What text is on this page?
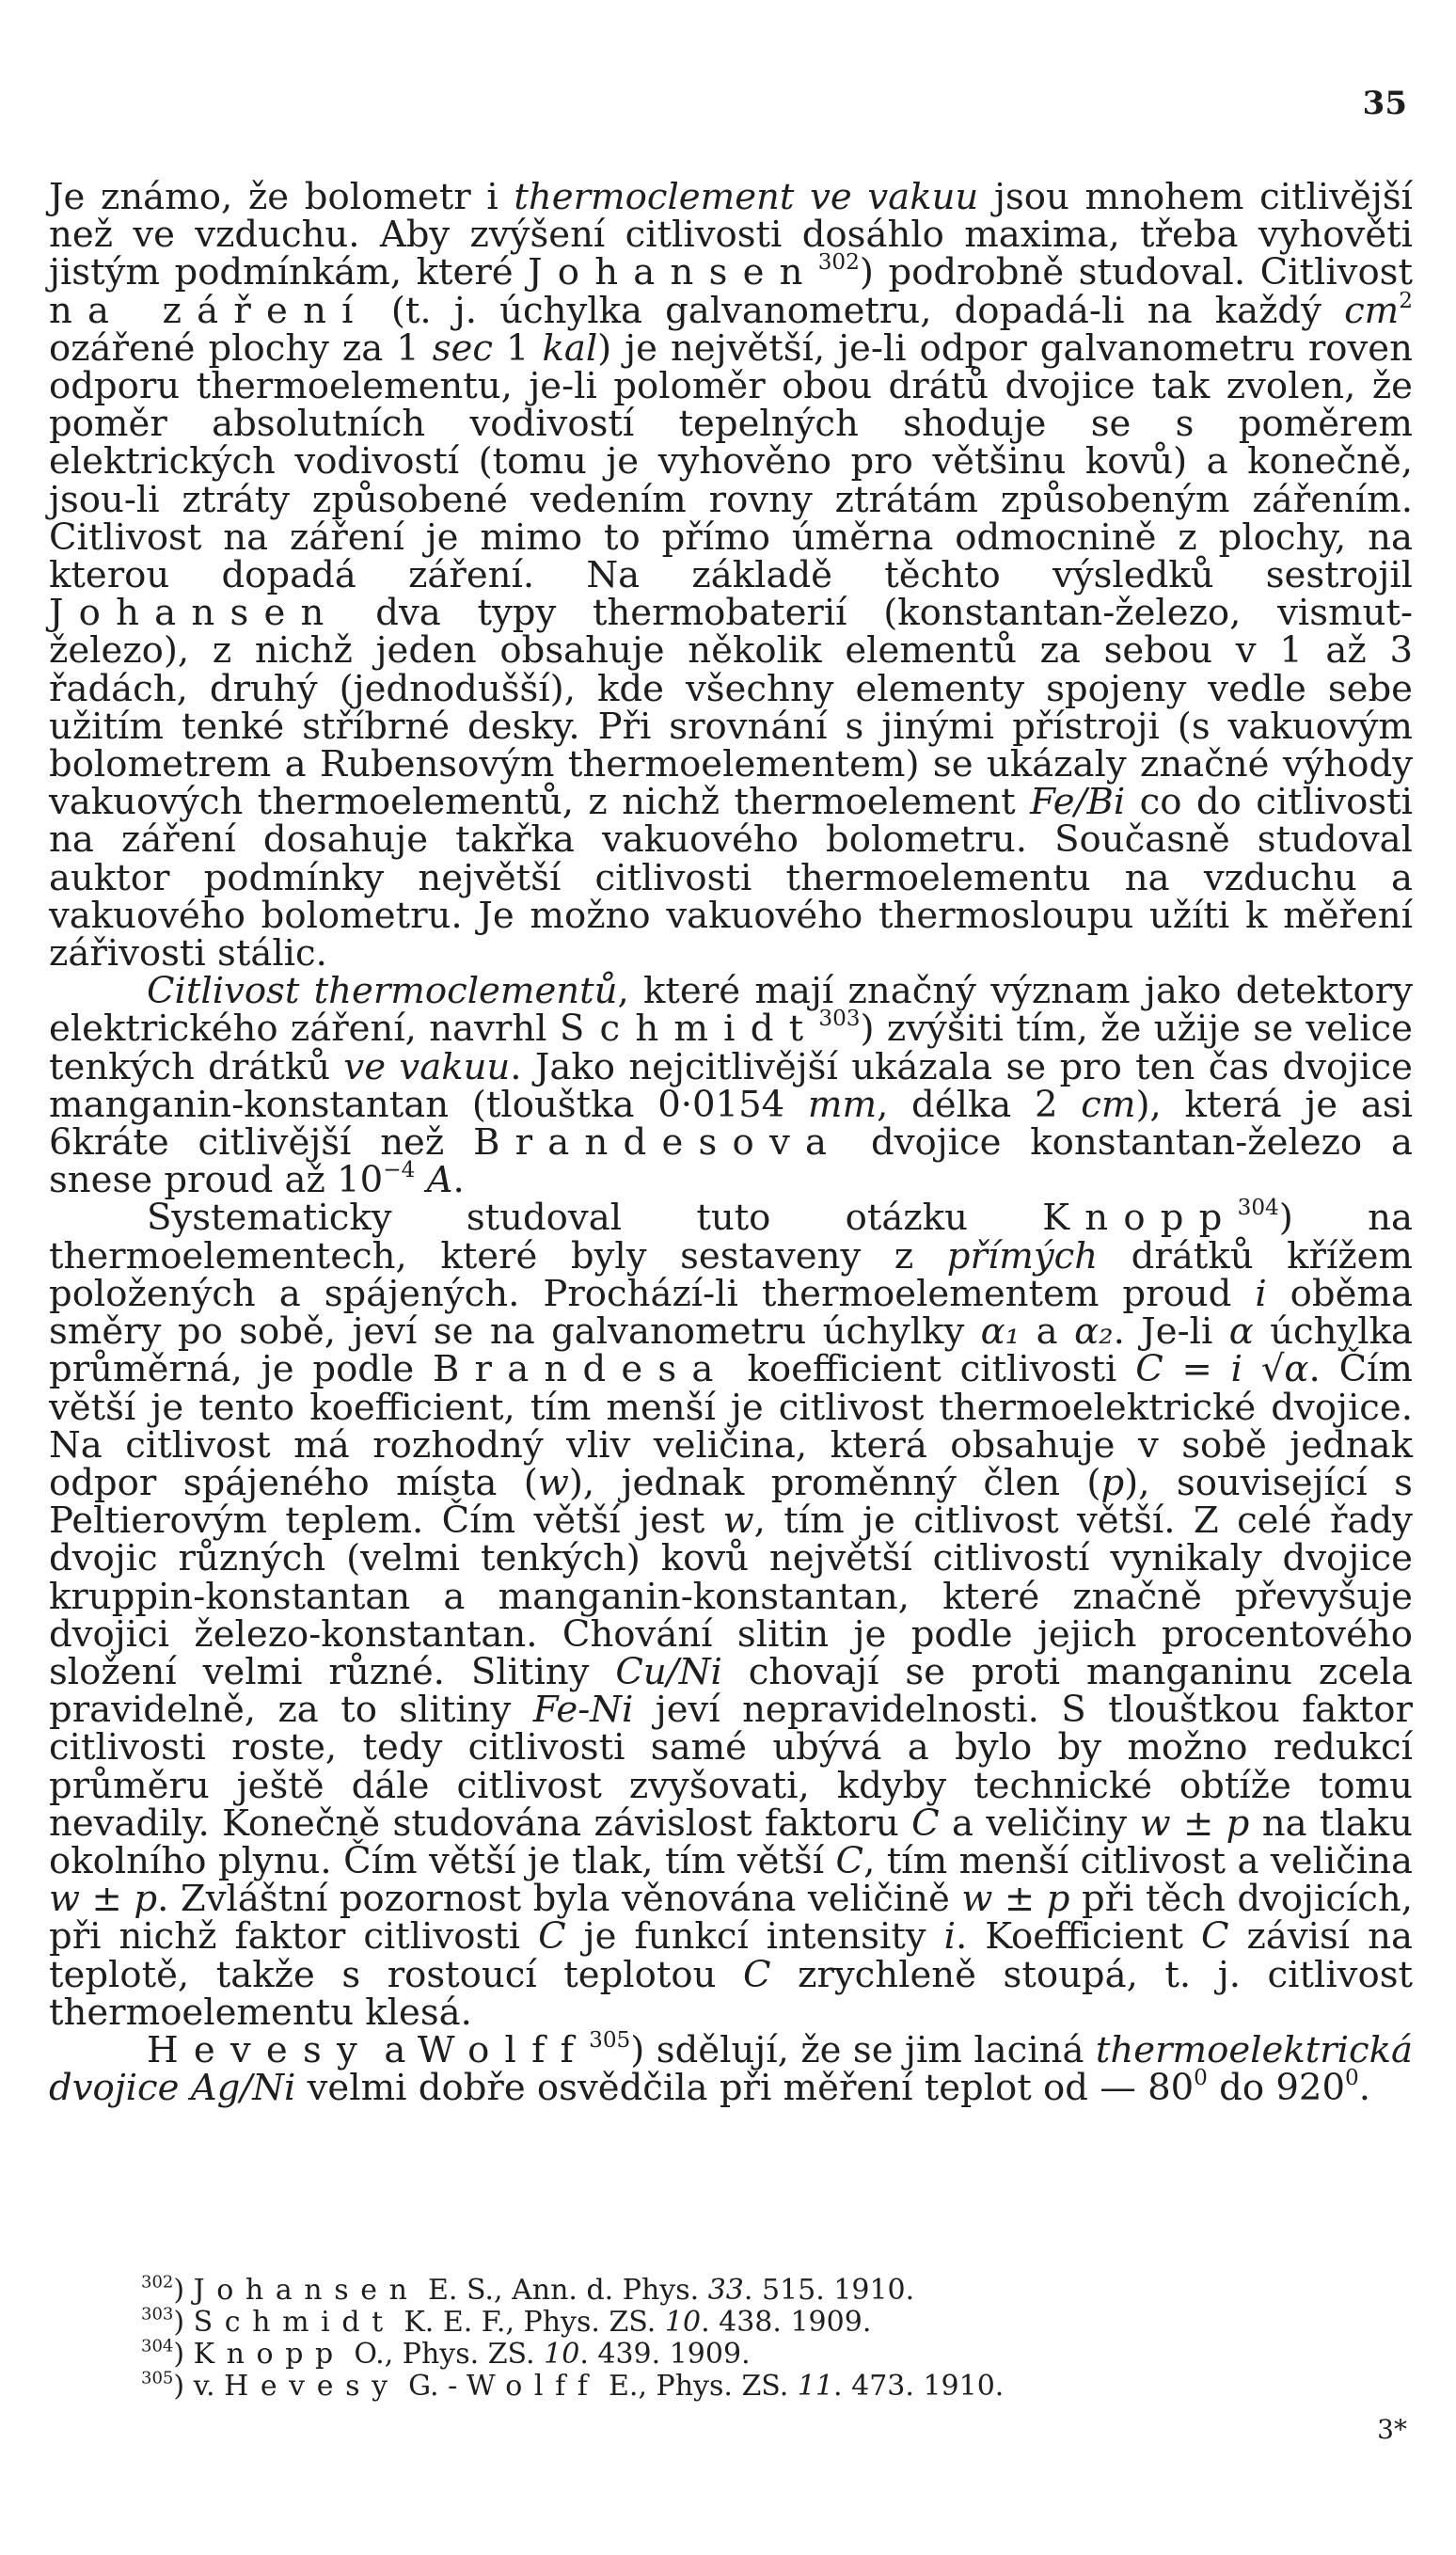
35

Je známo, že bolometr i thermoclement ve vakuu jsou mnohem citlivější než ve vzduchu. Aby zvýšení citlivosti dosáhlo maxima, třeba vyhověti jistým podmínkám, které Johansen$^{302}$) podrobně studoval. Citlivost na záření (t. j. úchylka galvanometru, dopadá-li na každý $cm^2$ ozářené plochy za 1 sec 1 kal) je největší, je-li odpor galvanometru roven odporu thermoelementu, je-li poloměr obou drátů dvojice tak zvolen, že poměr absolutních vodivostí tepelných shoduje se s poměrem elektrických vodivostí (tomu je vyhověno pro většinu kovů) a konečně, jsou-li ztráty způsobené vedením rovny ztrátám způsobeným zářením. Citlivost na záření je mimo to přímo úměrna odmocnině z plochy, na kterou dopadá záření. Na základě těchto výsledků sestrojil Johansen dva typy thermobaterií (konstantan-železo, vismut-železo), z nichž jeden obsahuje několik elementů za sebou v 1 až 3 řadách, druhý (jednodušší), kde všechny elementy spojeny vedle sebe užitím tenké stříbrné desky. Při srovnání s jinými přístroji (s vakuovým bolometrem a Rubensovým thermoelementem) se ukázaly značné výhody vakuových thermoelementů, z nichž thermoelement Fe/Bi co do citlivosti na záření dosahuje takřka vakuového bolometru. Současně studoval auktor podmínky největší citlivosti thermoelementu na vzduchu a vakuového bolometru. Je možno vakuového thermosloupu užíti k měření zářivosti stálic.

Citlivost thermoclementů, které mají značný význam jako detektory elektrického záření, navrhl Schmidt$^{303}$) zvýšiti tím, že užije se velice tenkých drátků ve vakuu. Jako nejcitlivější ukázala se pro ten čas dvojice manganin-konstantan (tlouštka 0·0154 mm, délka 2 cm), která je asi 6kráte citlivější než Brandesova dvojice konstantan-železo a snese proud až $10^{-4}$ A.

Systematicky studoval tuto otázku Knopp$^{304}$) na thermoelementech, které byly sestaveny z přímých drátků křížem položených a spájených. Prochází-li thermoelementem proud i oběma směry po sobě, jeví se na galvanometru úchylky α₁ a α₂. Je-li α úchylka průměrná, je podle Brandesa koefficient citlivosti C = i √α. Čím větší je tento koefficient, tím menší je citlivost thermoelektrické dvojice. Na citlivost má rozhodný vliv veličina, která obsahuje v sobě jednak odpor spájeného místa (w), jednak proměnný člen (p), související s Peltierovým teplem. Čím větší jest w, tím je citlivost větší. Z celé řady dvojic různých (velmi tenkých) kovů největší citlivostí vynikaly dvojice kruppin-konstantan a manganin-konstantan, které značně převyšuje dvojici železo-konstantan. Chování slitin je podle jejich procentového složení velmi různé. Slitiny Cu/Ni chovají se proti manganinu zcela pravidelně, za to slitiny Fe-Ni jeví nepravidelnosti. S tlouštkou faktor citlivosti roste, tedy citlivosti samé ubývá a bylo by možno redukcí průměru ještě dále citlivost zvyšovati, kdyby technické obtíže tomu nevadily. Konečně studována závislost faktoru C a veličiny w ± p na tlaku okolního plynu. Čím větší je tlak, tím větší C, tím menší citlivost a veličina w ± p. Zvláštní pozornost byla věnována veličině w ± p při těch dvojicích, při nichž faktor citlivosti C je funkcí intensity i. Koefficient C závisí na teplotě, takže s rostoucí teplotou C zrychleně stoupá, t. j. citlivost thermoelementu klesá.

Hevesy a Wolff$^{305}$) sdělují, že se jim laciná thermoelektrická dvojice Ag/Ni velmi dobře osvědčila při měření teplot od — $80^0$ do $920^0$.

$^{302}$) Johansen E. S., Ann. d. Phys. 33. 515. 1910.

$^{303}$) Schmidt K. E. F., Phys. ZS. 10. 438. 1909.

$^{304}$) Knopp O., Phys. ZS. 10. 439. 1909.

$^{305}$) v. Hevesy G. - Wolff E., Phys. ZS. 11. 473. 1910.

3*
